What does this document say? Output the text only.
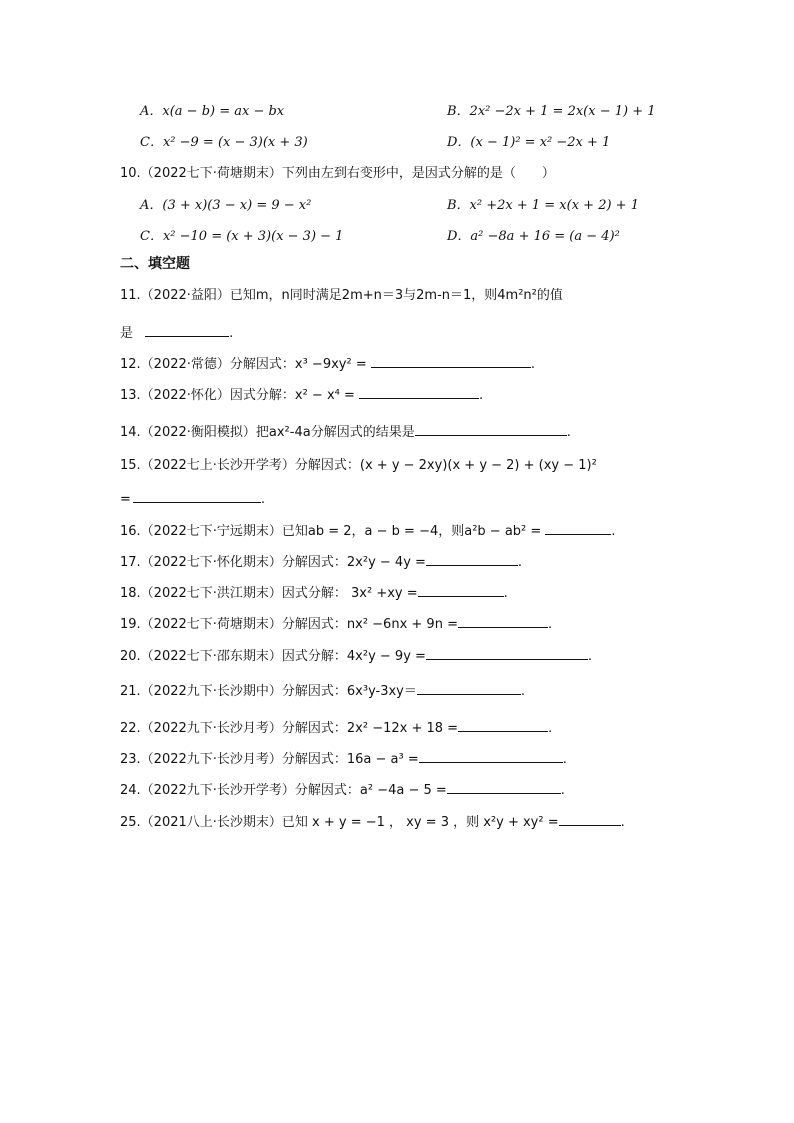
A．x(a − b) = ax − bx	B．2x² −2x + 1 = 2x(x − 1) + 1
C．x² −9 = (x − 3)(x + 3)	D．(x − 1)² = x² −2x + 1
10.（2022七下·荷塘期末）下列由左到右变形中，是因式分解的是（　　）
A．(3 + x)(3 − x) = 9 − x²	B．x² +2x + 1 = x(x + 2) + 1
C．x² −10 = (x + 3)(x − 3) − 1	D．a² −8a + 16 = (a − 4)²
二、填空题
11.（2022·益阳）已知m，n同时满足2m+n＝3与2m-n＝1，则4m²n²的值
是	.
12.（2022·常德）分解因式：x³ −9xy² =	.
13.（2022·怀化）因式分解：x² − x⁴ =	.
14.（2022·衡阳模拟）把ax²-4a分解因式的结果是	.
15.（2022七上·长沙开学考）分解因式：(x + y − 2xy)(x + y − 2) + (xy − 1)²
=	.
16.（2022七下·宁远期末）已知ab = 2，a − b = −4，则a²b − ab² =	.
17.（2022七下·怀化期末）分解因式：2x²y − 4y =	.
18.（2022七下·洪江期末）因式分解： 3x² +xy =	.
19.（2022七下·荷塘期末）分解因式：nx² −6nx + 9n =	.
20.（2022七下·邵东期末）因式分解：4x²y − 9y =	.
21.（2022九下·长沙期中）分解因式：6x³y-3xy＝	.
22.（2022九下·长沙月考）分解因式：2x² −12x + 18 =	.
23.（2022九下·长沙月考）分解因式：16a − a³ =	.
24.（2022九下·长沙开学考）分解因式：a² −4a − 5 =	.
25.（2021八上·长沙期末）已知 x + y = −1 ， xy = 3 ，则 x²y + xy² =	.
